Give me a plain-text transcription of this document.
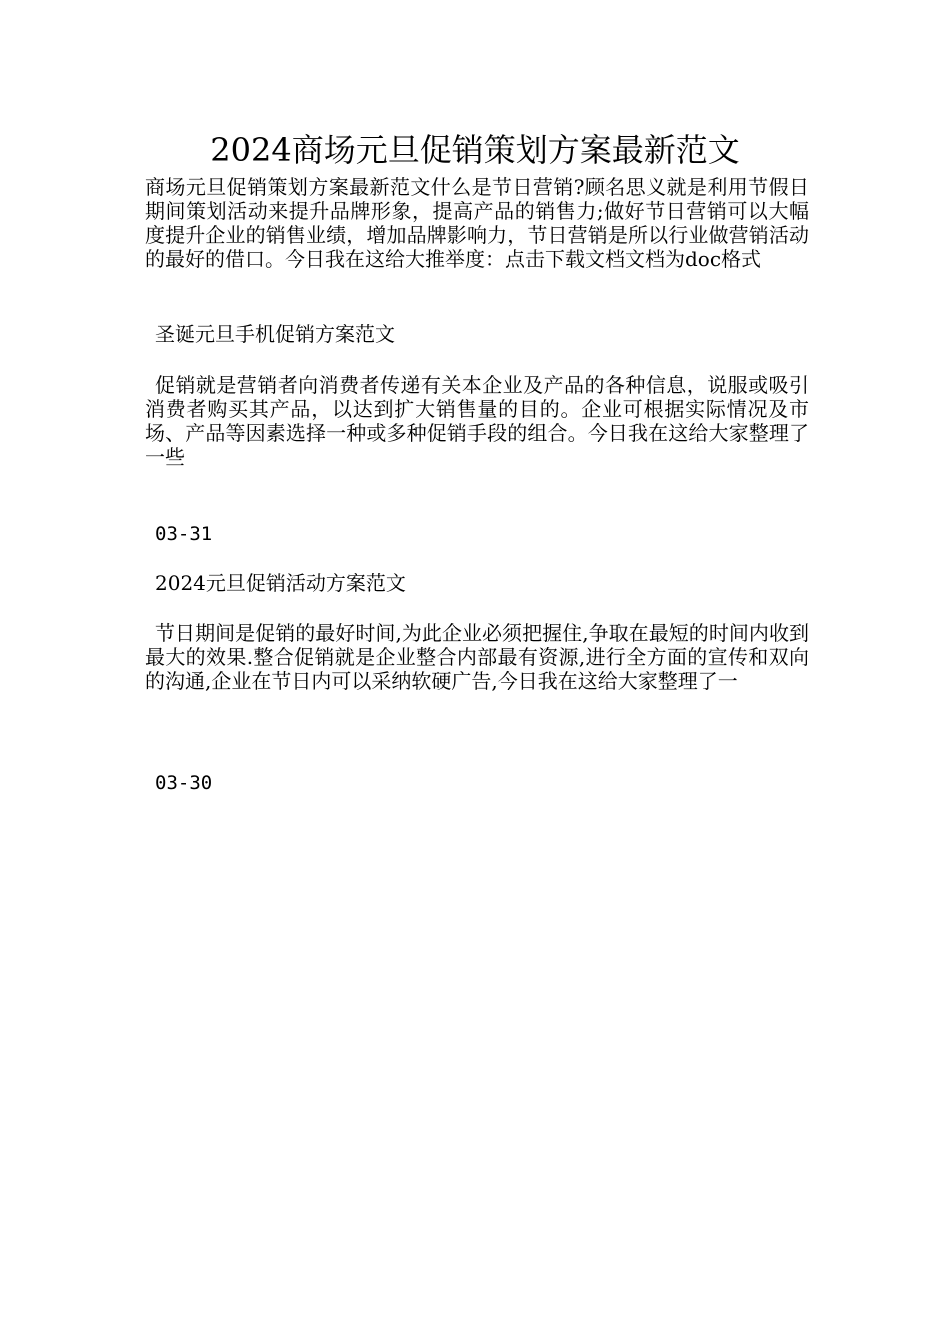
2024商场元旦促销策划方案最新范文

商场元旦促销策划方案最新范文什么是节日营销?顾名思义就是利用节假日期间策划活动来提升品牌形象，提高产品的销售力;做好节日营销可以大幅度提升企业的销售业绩，增加品牌影响力，节日营销是所以行业做营销活动的最好的借口。今日我在这给大推举度：点击下载文档文档为doc格式

圣诞元旦手机促销方案范文

促销就是营销者向消费者传递有关本企业及产品的各种信息，说服或吸引消费者购买其产品，以达到扩大销售量的目的。企业可根据实际情况及市场、产品等因素选择一种或多种促销手段的组合。今日我在这给大家整理了一些

03-31

2024元旦促销活动方案范文

节日期间是促销的最好时间,为此企业必须把握住,争取在最短的时间内收到最大的效果.整合促销就是企业整合内部最有资源,进行全方面的宣传和双向的沟通,企业在节日内可以采纳软硬广告,今日我在这给大家整理了一

03-30
